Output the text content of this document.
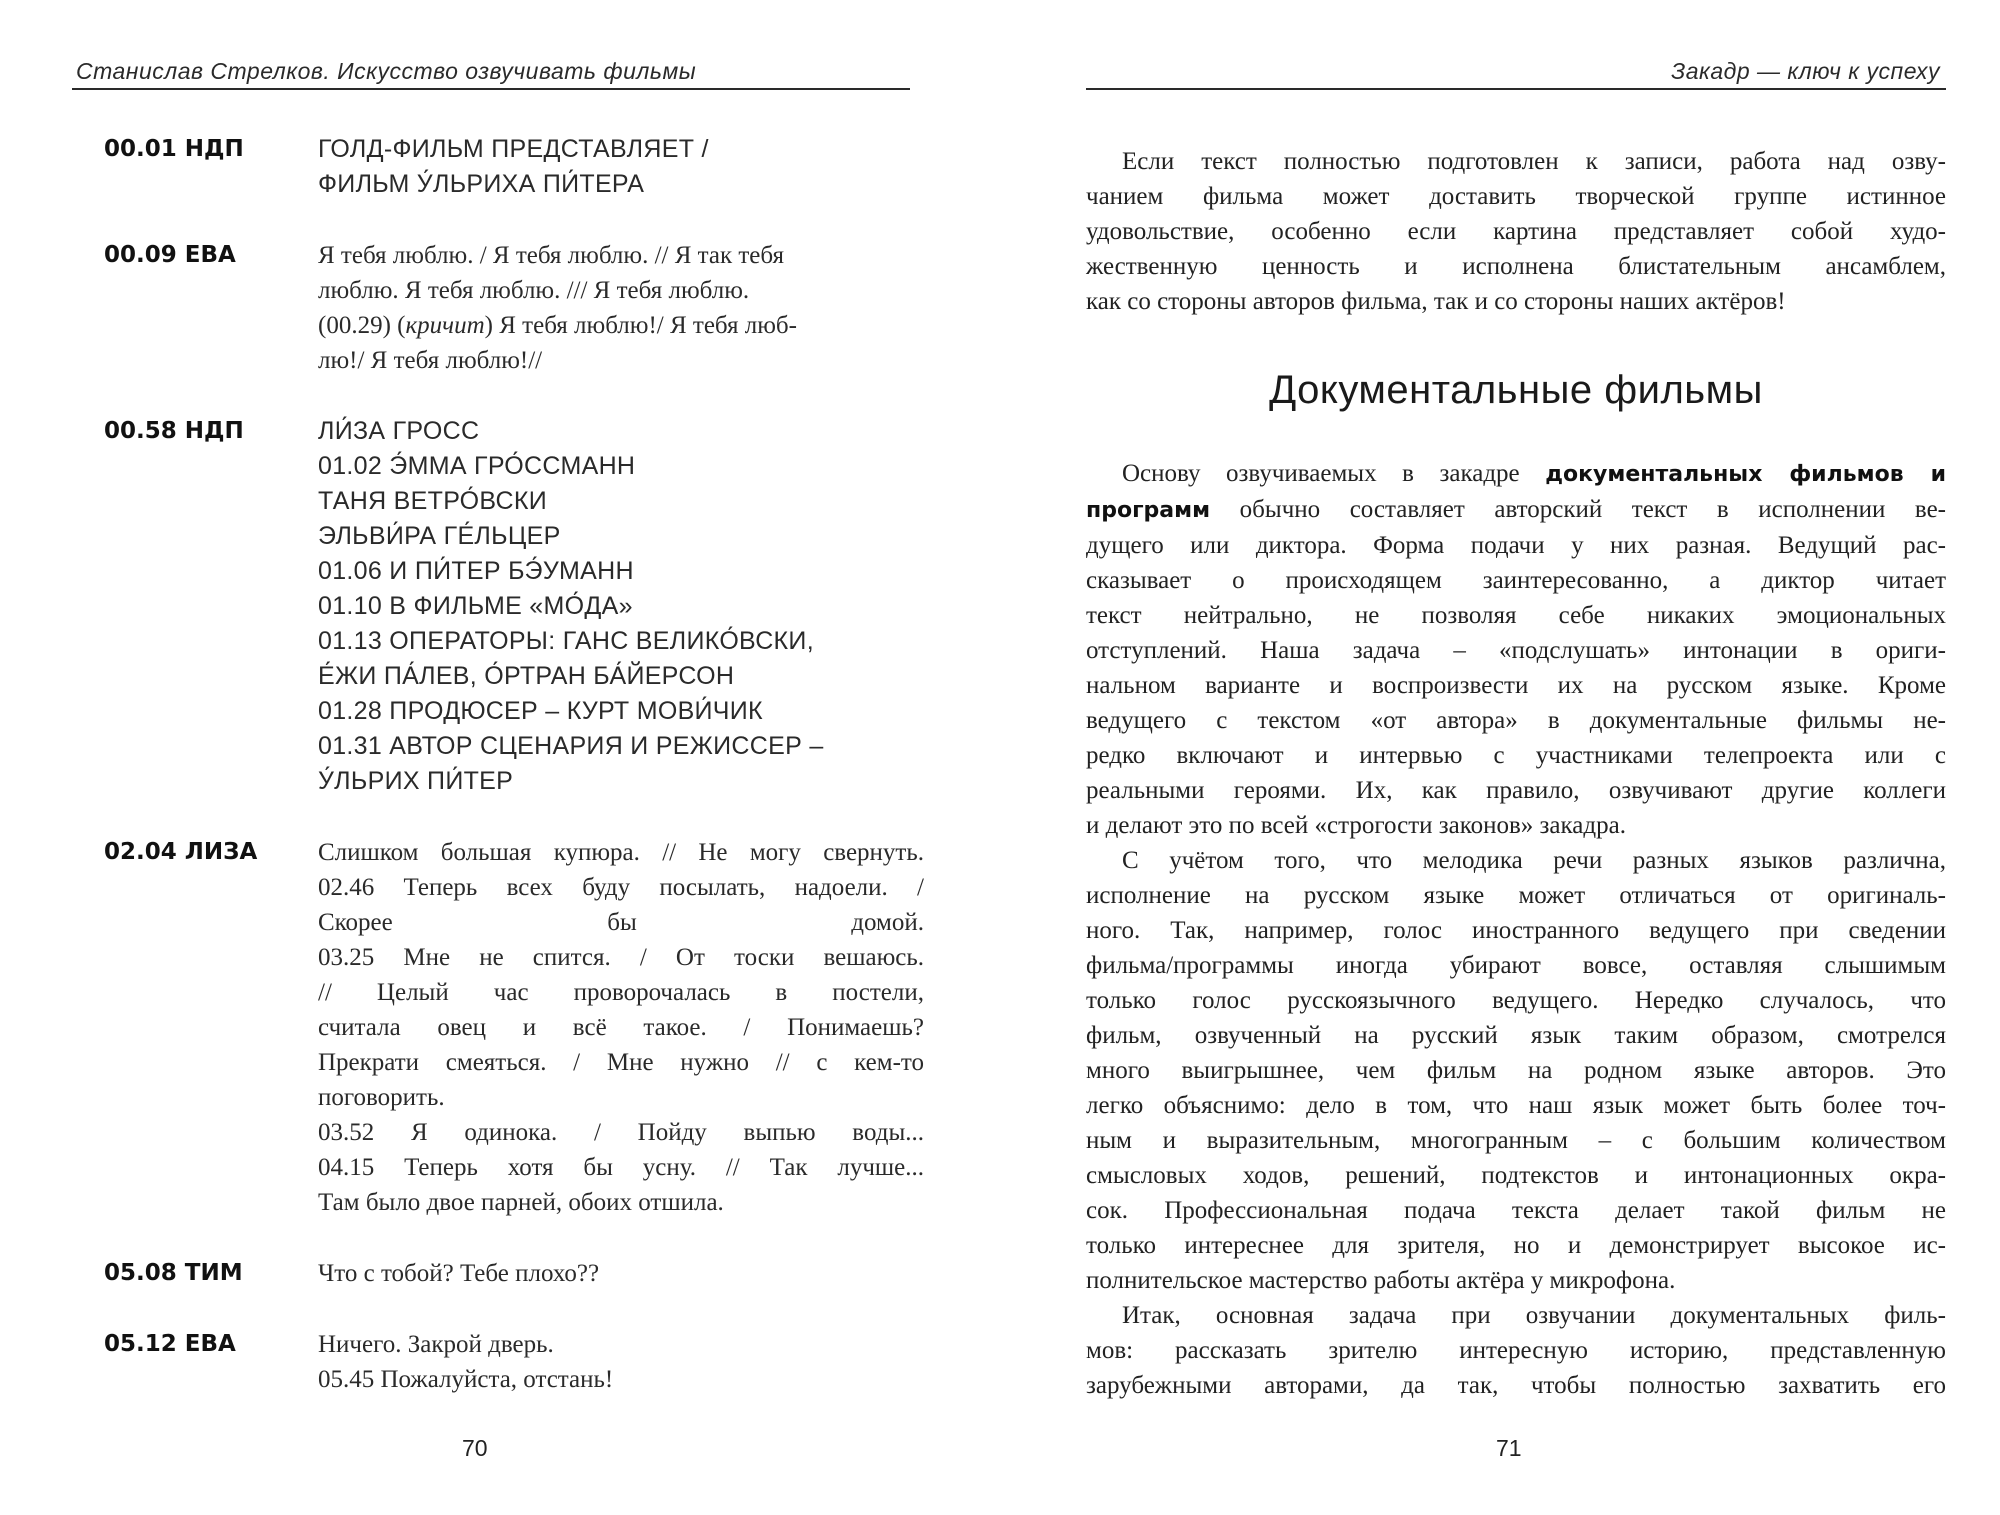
Станислав Стрелков. Искусство озвучивать фильмы
00.01 НДП	ГОЛД-ФИЛЬМ ПРЕДСТАВЛЯЕТ /
ФИЛЬМ У́ЛЬРИХА ПИ́ТЕРА
00.09 ЕВА	Я тебя люблю. / Я тебя люблю. // Я так тебя
люблю. Я тебя люблю. /// Я тебя люблю.
(00.29) (кричит) Я тебя люблю!/ Я тебя люб-
лю!/ Я тебя люблю!//
00.58 НДП	ЛИ́ЗА ГРОСС
01.02 Э́ММА ГРО́ССМАНН
ТАНЯ ВЕТРО́ВСКИ
ЭЛЬВИ́РА ГЕ́ЛЬЦЕР
01.06 И ПИ́ТЕР БЭ́УМАНН
01.10 В ФИЛЬМЕ «МО́ДА»
01.13 ОПЕРАТОРЫ: ГАНС ВЕЛИКО́ВСКИ,
Е́ЖИ ПА́ЛЕВ, О́РТРАН БА́ЙЕРСОН
01.28 ПРОДЮСЕР – КУРТ МОВИ́ЧИК
01.31 АВТОР СЦЕНАРИЯ И РЕЖИССЕР –
У́ЛЬРИХ ПИ́ТЕР
02.04 ЛИЗА	Слишком большая купюра. // Не могу свернуть.
02.46 Теперь всех буду посылать, надоели. /
Скорее бы домой.
03.25 Мне не спится. / От тоски вешаюсь.
// Целый час проворочалась в постели,
считала овец и всё такое. / Понимаешь?
Прекрати смеяться. / Мне нужно // с кем-то
поговорить.
03.52 Я одинока. / Пойду выпью воды...
04.15 Теперь хотя бы усну. // Так лучше...
Там было двое парней, обоих отшила.
05.08 ТИМ	Что с тобой? Тебе плохо??
05.12 ЕВА	Ничего. Закрой дверь.
05.45 Пожалуйста, отстань!
70
Закадр — ключ к успеху
Если текст полностью подготовлен к записи, работа над озву-
чанием фильма может доставить творческой группе истинное
удовольствие, особенно если картина представляет собой худо-
жественную ценность и исполнена блистательным ансамблем,
как со стороны авторов фильма, так и со стороны наших актёров!
Документальные фильмы
Основу озвучиваемых в закадре документальных фильмов и
программ обычно составляет авторский текст в исполнении ве-
дущего или диктора. Форма подачи у них разная. Ведущий рас-
сказывает о происходящем заинтересованно, а диктор читает
текст нейтрально, не позволяя себе никаких эмоциональных
отступлений. Наша задача – «подслушать» интонации в ориги-
нальном варианте и воспроизвести их на русском языке. Кроме
ведущего с текстом «от автора» в документальные фильмы не-
редко включают и интервью с участниками телепроекта или с
реальными героями. Их, как правило, озвучивают другие коллеги
и делают это по всей «строгости законов» закадра.
С учётом того, что мелодика речи разных языков различна,
исполнение на русском языке может отличаться от оригиналь-
ного. Так, например, голос иностранного ведущего при сведении
фильма/программы иногда убирают вовсе, оставляя слышимым
только голос русскоязычного ведущего. Нередко случалось, что
фильм, озвученный на русский язык таким образом, смотрелся
много выигрышнее, чем фильм на родном языке авторов. Это
легко объяснимо: дело в том, что наш язык может быть более точ-
ным и выразительным, многогранным – с большим количеством
смысловых ходов, решений, подтекстов и интонационных окра-
сок. Профессиональная подача текста делает такой фильм не
только интереснее для зрителя, но и демонстрирует высокое ис-
полнительское мастерство работы актёра у микрофона.
Итак, основная задача при озвучании документальных филь-
мов: рассказать зрителю интересную историю, представленную
зарубежными авторами, да так, чтобы полностью захватить его
71
